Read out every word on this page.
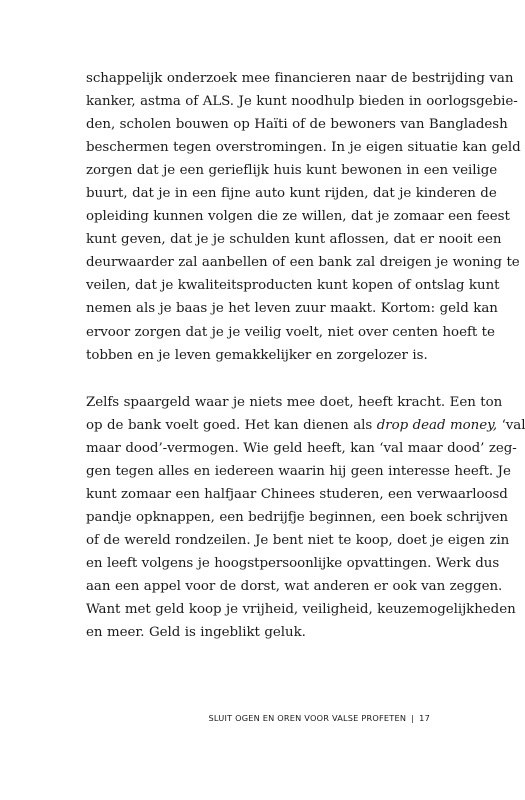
schappelijk onderzoek mee financieren naar de bestrijding van
kanker, astma of ALS. Je kunt noodhulp bieden in oorlogsgebie-
den, scholen bouwen op Haïti of de bewoners van Bangladesh
beschermen tegen overstromingen. In je eigen situatie kan geld
zorgen dat je een gerieflijk huis kunt bewonen in een veilige
buurt, dat je in een fijne auto kunt rijden, dat je kinderen de
opleiding kunnen volgen die ze willen, dat je zomaar een feest
kunt geven, dat je je schulden kunt aflossen, dat er nooit een
deurwaarder zal aanbellen of een bank zal dreigen je woning te
veilen, dat je kwaliteitsproducten kunt kopen of ontslag kunt
nemen als je baas je het leven zuur maakt. Kortom: geld kan
ervoor zorgen dat je je veilig voelt, niet over centen hoeft te
tobben en je leven gemakkelijker en zorgelozer is.
Zelfs spaargeld waar je niets mee doet, heeft kracht. Een ton
op de bank voelt goed. Het kan dienen als drop dead money, ‘val
maar dood’-vermogen. Wie geld heeft, kan ‘val maar dood’ zeg-
gen tegen alles en iedereen waarin hij geen interesse heeft. Je
kunt zomaar een halfjaar Chinees studeren, een verwaarloosd
pandje opknappen, een bedrijfje beginnen, een boek schrijven
of de wereld rondzeilen. Je bent niet te koop, doet je eigen zin
en leeft volgens je hoogstpersoonlijke opvattingen. Werk dus
aan een appel voor de dorst, wat anderen er ook van zeggen.
Want met geld koop je vrijheid, veiligheid, keuzemogelijkheden
en meer. Geld is ingeblikt geluk.
SLUIT OGEN EN OREN VOOR VALSE PROFETEN | 17
